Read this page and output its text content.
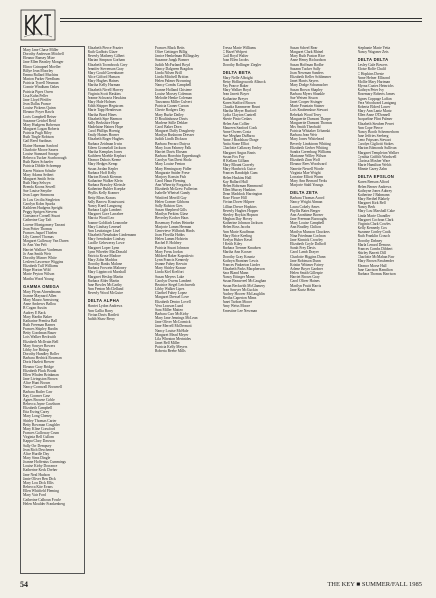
Mary Jane Chase Miller
Dorothy Anderson Mitchell
Eleanor Ransey Mize
Jane Ellen Beasley Monger
Elinor Grinupnel Moeller
Billye Jean Moorley
Emma Ballard Muchins
Marion Parker Needham
Patricia Tyrrell Neuman
Connie Windham Oakes
Patricia Pipes Owen
Lisa Kuhn Peller
Jane Lloyd Pfeiffer
Jean Dallas Prance
Louise Pickens Quinn
Eleanor Poyer Rawls
Loris Campbell Reiser
Suzanne Getchel Reid
Mary Hudgens Roberson
Margaret Logan Roberts
Patricia Pugh Riley
Ruth Tingle Robison
Gail Reed Sardinas
Elaine Harman Sanford
Charlotte Moore Sauers
Louise Stannard Savage
Rebecca Tucker Scarborough
Ruth Bates Schaefer
Patricia Dibble Schrempp
Karen Watson Schulte
Mary Adams Seibert
Margaret Smith Seitz
Ruth Harp Selwyn
Brenda Koonz Sewell
Sue Louise Smythe
Jean Luper Simmons
Jo Lou Cecilia Singleton
Carolyn Kolm Sparks
Kathleen Hudgens Speight
Peggy Sprigen Stevens
Constance Cornell Stuart
Catherine Guy Taft
Lorene Montgomery Tarrant
Jean Potter Thomas
Frances Jaquel Thielen
Lily Carmel Thomas
Margaret Galloway Van Duren
Jo Ann Van Pelt
Harriet Wallace Vardeman
Jo Ann Smith Weir
Dorothy Mizner White
Lesleen Lawrence Wiggins
Elizabeth Tull Williams
Hope Horton Wild
Marie Peyton Wilson
Martha Wood Young
GAMMA OMEGA
Mary Flynn Ahrendmann
Joanne Maynard Allen
Mary Mauro Armstrong
Anne Andrews Ballou
B Cogan Austin
Audrey E Back
Mary Hardin Baker
Katharine Prentiss Ball
Ruth Freeman Barnes
Frances Shipley Bardin
Betty Goodman Bauer
Lois Walker Beckwith
Elizabeth McIlvain Bell
Mary Sawyer Bowers
Libby Joe Bishop
Dorothy Hundley Boller
Barbara Hedrick Bowman
Doris Hazlett Brewer
Eleanor Gray Bridge
Elizabeth Pluck Brunk
Ellen Whalen Brinkman
Jane Livingston Brown
Alice Hunt Brown
Nancy Cornwall Brownell
Barbara Butler Carr
Kay Coomer Case
Agnes Browne Coble
Rebecca Jayne Cawthorn
Elizabeth Campbell
Etta Ewing Carey
Mary Long Cheney
Shirley Thomas Carter
Betty Bowman Coughler
Mary Kline Crawford
Frances Galloway Crum
Virginia Bell Cullom
Kappa Clary Dawson
Sally Orr Dempsey
Jean Rich Deschenes
Alice Hurdle Day
Mary Sims Dingle
Joanne Hoffenius Cummings
Louise Kirby Dorrance
Katherine Keck Dreher
Jane Neal Hudson
Janie Oliver Ben Dick
Mary Lou Dick Ellis
Rebecca Kite Evans
Ellen Whitfield Fleming
Mary Vair Ford
Catherine Calhoun Fowle
Helen Moulder Frankenberg
Elizabeth Pierce Frazier
Ruth Gadbois Glaze
Beverly Matheny Gilbert
Marian Simpson Gorham
Elizabeth Toombrock Grey
Jennifer Stevenson Gray
Mary Gould Greenhauer
Alice Gifford Hanson
Mary Hughes Haines
Martha Kelly Harman
Elizabeth Nivell Harvey
Virginia Scott Haskins
Jeanne Schwartz Hawkins
Mary Hale Holmes
Edith Shipper Hegstrom
Marie Tapp Henderson
Martha Bond Hines
Elizabeth Sipe Harmon
Sally Berkshire Hope
Madelaine Haines Hope
Carol Phillips Hoenig
Emily Haines Horner
Elizabeth Roger Hughes
Barbara Zeidman Irwin
Eileen Gromelaff Jackson
Martha Kempkes Jones
Kathleen Moehle Kephart
Eleanor Dubois Keene
Mary Hedges Kemp
Susan Jordan Kepler
Barbara Hoff Kelly
Marion Roush Kiernan
Katharine Walker Klein
Barbara Brawley Kleissle
Katherine Buhler Koepke
Phyllis Kelly Kramer
Betty Bloss Krauss
Sally Barrow Krautwurst
Nancy Kneil Langsong
Barbara Light Lambert
Margaret Gore Larrabee
Marcia Wood Leo
Joanne Goldfarb Leanonhe
Mary Lindsay Leneuel
Ann Leuitzinger Lisel
Elizabeth Nenabaker Lindemann
Mary Ivendraker Lindsay
Lucille Gehrwerzy Lowe
Margaret Loper Lynn
Lynn Wheeler MacDonald
Patricia Kruse Madore
Mary Zohn Maddox
Dorothy Banks Malone
Barbara Frowein Maloney
Mary Lippincott Marshall
Margaret Heslop Martin
Barbara Alder Martin
Jane Bowles McCarthy
Ann Fenton McClelland
Beverly Wood McGuire
DELTA ALPHA
Harriet Lydon Andrews
Ann Gallia Barry
Vivian Davis Bartlett
Judith Shaw Berry
Frances Black Betts
Olive Gettinger Billig
Janice Henkelman Billingsley
Suzanne Jungk Bonner
Judith McFarland Boyd
Nancy Dalgreen Bragdon
Linda Nilsen Brill
Linda Mitchell Britton
Helen Palmer Browning
Nancy Combs Campbell
Joanne Holland Chistene
Louise Morsey Coleman
Melodie Henke Coleman
Taswanna Miller Culvert
Patricia Graner Curran
Cherie Rodgers Day
Mary Burke Dailey
D Boultinhouse Davis
Marlene Stille Dekker
Carol Baker Dorn
Margaret Duffy Dougherty
Marilyn Busboom Dresser
Judith Lindh Dickson
Barbara Ferraro Dutyca
Mary Joan Fahrney Falk
Harriet Davis Ehrsam
Barbara Horrobin Eppenbaugh
Carolyn Van Drest Sholz
Mary Louise Fenton
Mary Hemingway Fidler
Margarate Snider Frese
Marjory Konsin Fish
Carol Haun Fleming
Ann Wherrity Forgatsch
Elizabeth McGrew Fullerton
Isabelle Wheisel Gandy
Winifred Merrill Gay
Helen Cramer Gibbons
Sally Ralston Gies
Susan Shepherd Gills
Marilyn Perkins Glase
Beverley Kocher Haas
Rosemary Forbes Heineke
Marjorie Lamm Herman
Genevieve Wilbrink Hinds
Joan Flovilla Hobbs
Helen Lamm Holstein
Rachel E Holdrey
Patricia Stuart Johnson
Mary Freas Jordan
Mildred Baker Kapralovic
Lynn Francis Kennedy
Jeanne Fahey Kerwin
Mary Shirley Krause
Linda Kiel Krelfort
Susan Meyers Lake
Carolyn Owens Lambert
Beatrice Siegel Letchwerth
Libby Walker Lipes
Claribel Fahey Lopez
Margaret Dressel Love
Elizabeth Dentro Lovell
Vera Lawson Lund
Sara Miller Matteo
Barbara Carr McKirby
Mary Jane Jennings McLean
Jane Oliver McCormick
Jane Merrell McDermott
Nancy Louise McHale
Margaret Mead Meyer
Lila Wheaton Merinides
Janet Bell Miller
Patricia Kelly Meyers
Roberta Beebe Mills
Tressa Marie Williams
C Hazel Wolpert
Gail Boyd Walter
Joan Ellen Jacobs
Dorothy Bollinger Ziegler
DELTA BETA
Mary Nelle Albright
Betsy Hollingsworth Allnock
Fay Pearce Baker
Mary Walker Boyd
Jean Jarrett Boyer
Katharine Breyer
Karen Stafford Brown
Claudia Kammerer Brunt
Martha Meyer Burford
Lydia Clayton Cantrell
Sherie Pinto Cedars
Helen Ann Collier
Maureen Sanford Cook
Anne Owens Costa
Sue Meghan DuBarra
Anne J Bradshaw Drage
Anita Stone Elliot
Charlotte Callaway Emley
Margaret Angus Ennis
Susan Fox Fay
H Kellam Gilliam
Mary Blount Gravely
Mary Hardwick Guice
Frances Randolph Gum
Helen Haskins Hall
Kay Ballard Hall
Helen Rohrman Hammond
Ellen Murray Hankins
Dean Maddock Harrington
Rose Flowe Hill
Vivian Dover Hilpree
Lillian Drewe Hopkins
Beverly Hughes Hopper
Sherley Boykin Hopson
Meghan Day Hovey
Katherine Johnson Jackson
Helen Ross Jacobs
Ann Marie Kauffman
Mary Brice Keeling
Evelyn Huber Kesel
J Keith Kiley
Barbara Trenner Knudsen
Martha Ann Kooser
Dorothy Gray Kountz
Kathryn Brantner Lewis
Frances Pinkerton Linder
Elizabeth Parks Macpherson
Sara Bland Mann
Nancy Ettinger Mann
Susan Beauvreel McCaughan
Susan Beckwith McGlamery
Jean Sawyer McGuckin
Audrey Hoover McLaughlin
Bertha Caperton Mims
Janet Tarbon Moore
Amy Weiss Moore
Ernestine Lee Newman
Susan Scheel Rear
Margaret Clark Rhinel
Mary Ruth Paxton Rice
Anne Henry Richardson
Susan Hoffman Rodhe
Suzann Tucker Sally
Joan Newman Sanders
Elizabeth Keller Schlimmer
Janet Harris Sayers
Mary Dodge Schumacher
Susan Brown Shapley
Barbara Myers Shankle
Sue Weisen Sisson
Janet Cooper Sisinger
Marie Fountain Stainer
Lois Knabenshue Stewart
Rebekah Wood Terry
Marguerite Dumont Tharpe
Marguerite Dumont Thomas
Mrs Smith Theobald
Patricia Whitaker Urbanski
Barbara Jean Weir
Mary Jones Whitehead
Beverly Lindstrom Whiting
Elizabeth Gerber Whiting
Sandra Greenburg Williams
Marianne Willey Wilson
Elizabeth Zinn Wolf
Eleanor Rees Woodward
Nanette Newell Worde
Virginia Mae Wright
Lorraine Elliott Wurm
Mary Ann Bernard Yerks
Marjorie Stahl Youngs
DELTA ZETA
Barbara Thomas Acord
Nancy Wright Ahman
Laura Cokely Ames
Phyllis Bates Berger
Ann Aronhime Borner
Jane Freeman Burroughs
Mary Louise Campbell
Ann Bradley Chilton
Marilyn Munson Chuckers
Nina Friedman Cochran
Jane Kinnick Crowley
Elizabeth Coyle Dalhoff
Sarah Frey Davis
Carol Lamb Drayer
Charlotte Higgins Dunn
Jane Robinson Dunn
Kristin Wittmer Fairey
Arlene Boyer Gardner
Helen Smith Gillespie
Harriet Brown Gray
Carol Oliver Haines
Marilyn Pruitt Harris
Jane Kurtz Helm
Stephanie Marie Yetta
Nancy Wagoner Zeis
DELTA DELTA
Lesley Gale Bowers
Eloise Rolfe Chalif
C Hopkins Dreste
Anne Hefner Ellisond
Mollie Mary Hartman
Myrna Coates Heinrichs
Kathryn Peter Ivy
Rosemary Roberts James
Agnes Coppage Laffan
Vera Woodward Lantgang
Roberta Eldred Lawer
Mary Ann Lantz Martz
Ellen Anne O'Donnell
Jacqueline Flint Palmer
Elizabeth Steuben Perret
Ann Cope Pierce
Nancy Booth Schermerhorn
Jane Jeffries Seeberg
Leno Fripsons Stewart
Carolyn Gigliotti Stokes
Marion Edmonds Sullivan
Margaret Templeton Walker
Cynthia Griffith Wardwell
Clarissa Mosher Ware
Marie Hamilton Welch
Minnie Cazey Zahn
DELTA EPSILON
Karen Benson Alford
Helen Berner Andrews
Kathryne Jones Aubrey
Katherine J Bahmann
Mary Berthel Blakely
Margaret Kirk Bell
Nancy Berk
Mary Lou Marshall Cake
Linda Marie Chandler
Margaret Cochran Clark
Virginia Clark Cowles
Kelly Kennedy Cox
Suzanne Conley Craik
Ruth Franklin Crouch
Dorothy Dabney
Marla Lenard Demoss
Frances Combs Dibbert
Shirley Barrett Dill
Charlotte McMahan Farr
Mary Brown Fassbender
Eleanor Morse Hall
Jane Garrison Hamilton
Barbara Thomas Harrison
54	THE KEY ■ SUMMER/FALL 1985
